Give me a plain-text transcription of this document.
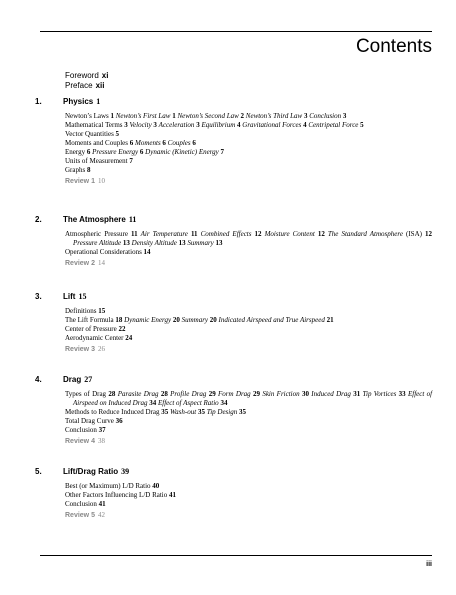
Contents
Foreword xi
Preface xii
1.	Physics 1
Newton’s Laws 1 Newton’s First Law 1 Newton’s Second Law 2 Newton’s Third Law 3 Conclusion 3
Mathematical Terms 3 Velocity 3 Acceleration 3 Equilibrium 4 Gravitational Forces 4 Centripetal Force 5
Vector Quantities 5
Moments and Couples 6 Moments 6 Couples 6
Energy 6 Pressure Energy 6 Dynamic (Kinetic) Energy 7
Units of Measurement 7
Graphs 8
Review 1 10
2.	The Atmosphere 11
Atmospheric Pressure 11 Air Temperature 11 Combined Effects 12 Moisture Content 12 The Standard Atmosphere (ISA) 12 Pressure Altitude 13 Density Altitude 13 Summary 13
Operational Considerations 14
Review 2 14
3.	Lift 15
Definitions 15
The Lift Formula 18 Dynamic Energy 20 Summary 20 Indicated Airspeed and True Airspeed 21
Center of Pressure 22
Aerodynamic Center 24
Review 3 26
4.	Drag 27
Types of Drag 28 Parasite Drag 28 Profile Drag 29 Form Drag 29 Skin Friction 30 Induced Drag 31 Tip Vortices 33 Effect of Airspeed on Induced Drag 34 Effect of Aspect Ratio 34
Methods to Reduce Induced Drag 35 Wash-out 35 Tip Design 35
Total Drag Curve 36
Conclusion 37
Review 4 38
5.	Lift/Drag Ratio 39
Best (or Maximum) L/D Ratio 40
Other Factors Influencing L/D Ratio 41
Conclusion 41
Review 5 42
iii
